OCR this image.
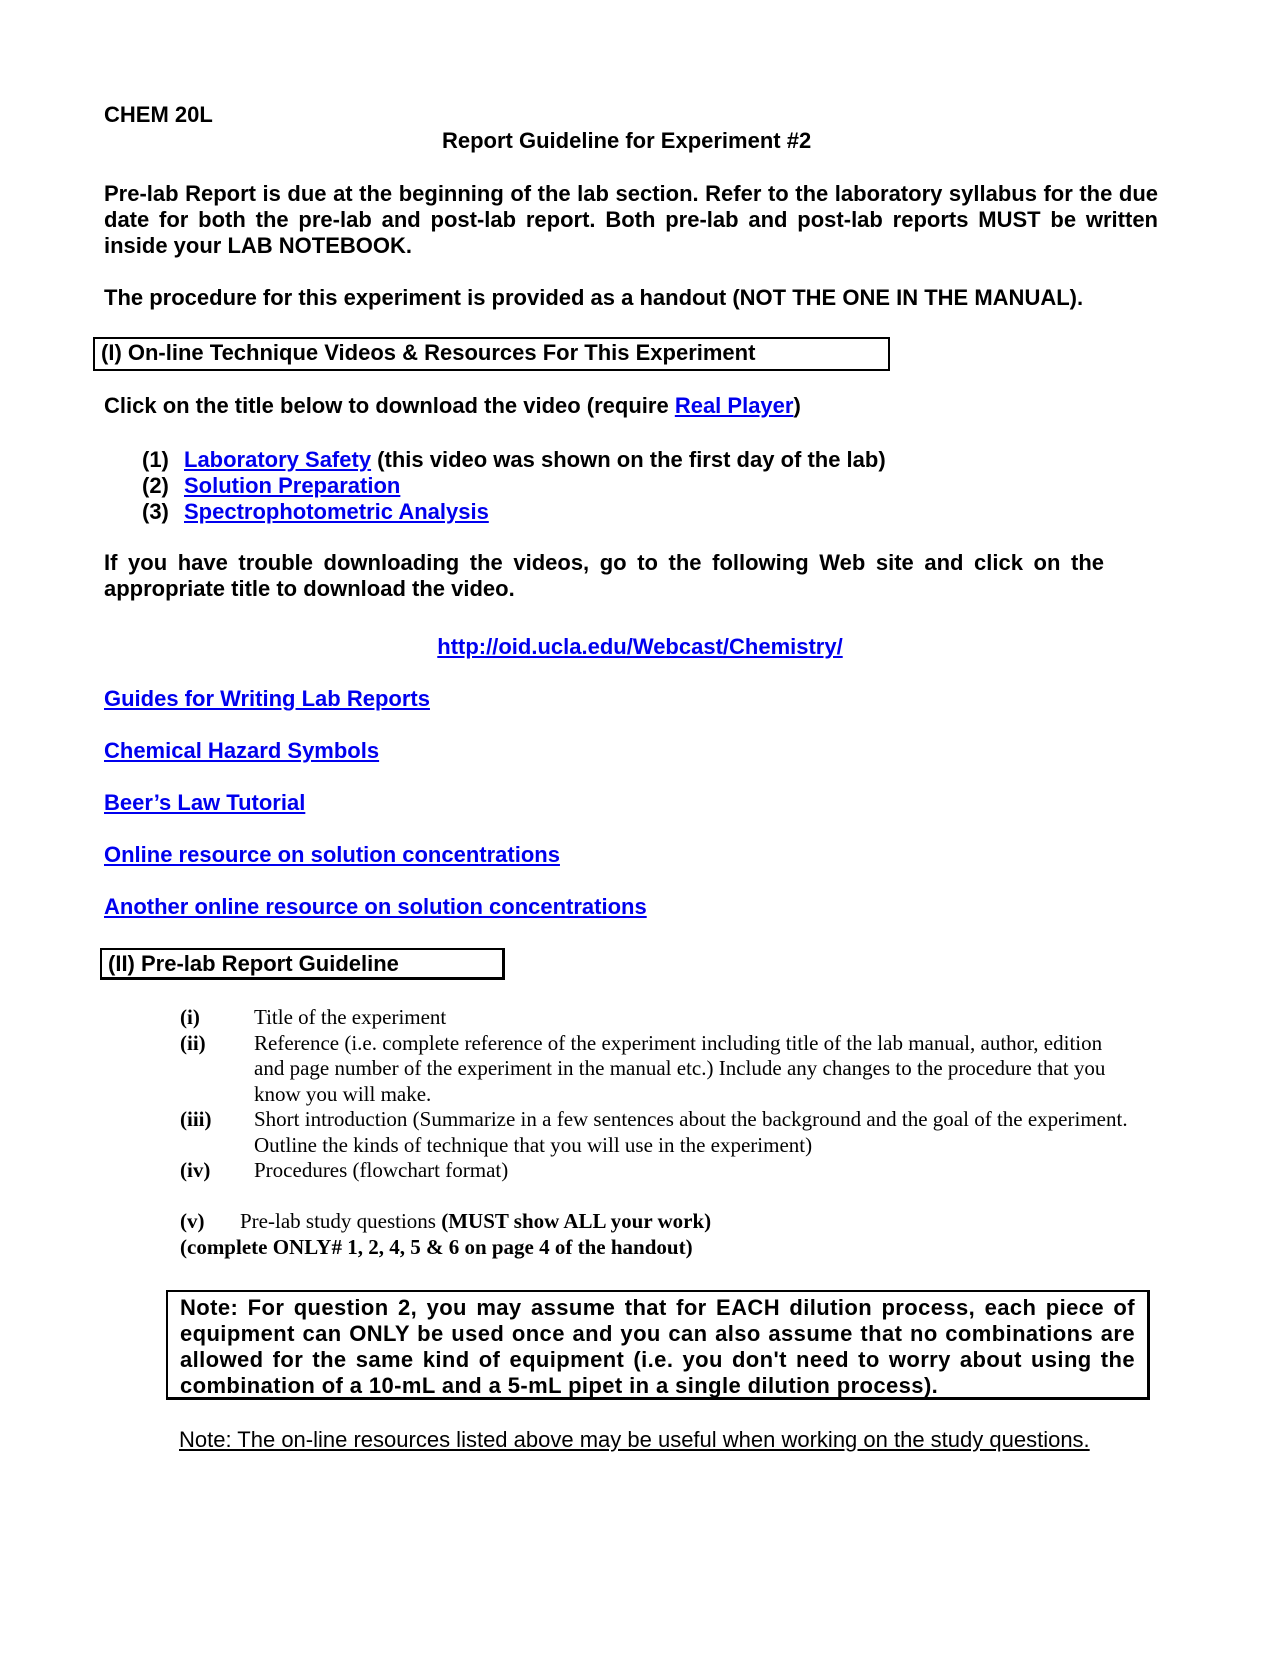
CHEM 20L
Report Guideline for Experiment #2
Pre-lab Report is due at the beginning of the lab section. Refer to the laboratory syllabus for the due date for both the pre-lab and post-lab report. Both pre-lab and post-lab reports MUST be written inside your LAB NOTEBOOK.
The procedure for this experiment is provided as a handout (NOT THE ONE IN THE MANUAL).
(I) On-line Technique Videos & Resources For This Experiment
Click on the title below to download the video (require Real Player)
(1) Laboratory Safety (this video was shown on the first day of the lab)
(2) Solution Preparation
(3) Spectrophotometric Analysis
If you have trouble downloading the videos, go to the following Web site and click on the appropriate title to download the video.
http://oid.ucla.edu/Webcast/Chemistry/
Guides for Writing Lab Reports
Chemical Hazard Symbols
Beer’s Law Tutorial
Online resource on solution concentrations
Another online resource on solution concentrations
(II) Pre-lab Report Guideline
(i)	Title of the experiment
(ii)	Reference (i.e. complete reference of the experiment including title of the lab manual, author, edition and page number of the experiment in the manual etc.) Include any changes to the procedure that you know you will make.
(iii)	Short introduction (Summarize in a few sentences about the background and the goal of the experiment. Outline the kinds of technique that you will use in the experiment)
(iv)	Procedures (flowchart format)
(v) Pre-lab study questions (MUST show ALL your work)
(complete ONLY# 1, 2, 4, 5 & 6 on page 4 of the handout)
Note: For question 2, you may assume that for EACH dilution process, each piece of equipment can ONLY be used once and you can also assume that no combinations are allowed for the same kind of equipment (i.e. you don't need to worry about using the combination of a 10-mL and a 5-mL pipet in a single dilution process).
Note: The on-line resources listed above may be useful when working on the study questions.
